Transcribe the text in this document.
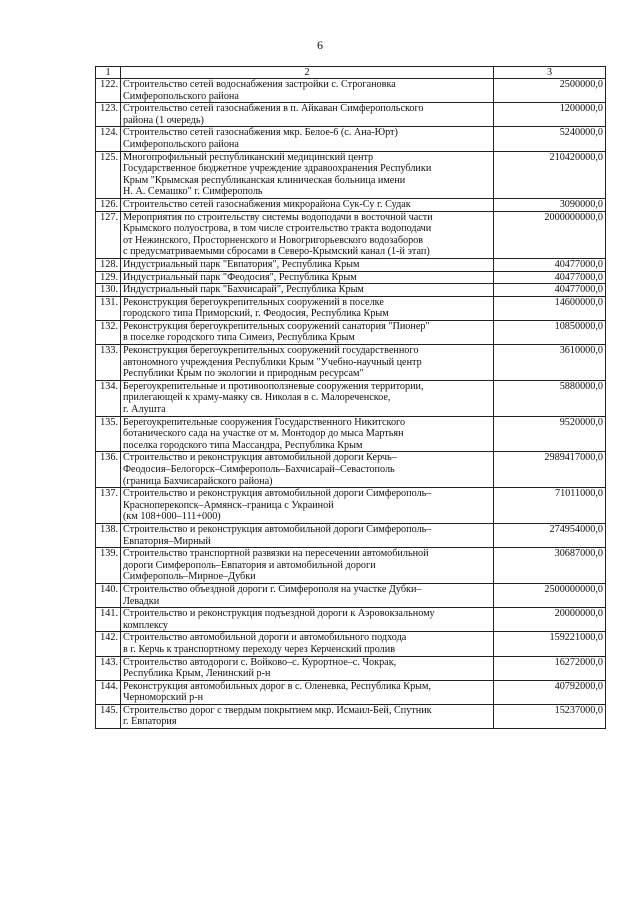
6
1	2	3
122.	Строительство сетей водоснабжения застройки с. Строгановка
Симферопольского района	2500000,0
123.	Строительство сетей газоснабжения в п. Айкаван Симферопольского
района (1 очередь)	1200000,0
124.	Строительство сетей газоснабжения мкр. Белое-6 (с. Ана-Юрт)
Симферопольского района	5240000,0
125.	Многопрофильный республиканский медицинский центр
Государственное бюджетное учреждение здравоохранения Республики
Крым "Крымская республиканская клиническая больница имени
Н. А. Семашко" г. Симферополь	210420000,0
126.	Строительство сетей газоснабжения микрорайона Сук-Су г. Судак	3090000,0
127.	Мероприятия по строительству системы водоподачи в восточной части
Крымского полуострова, в том числе строительство тракта водоподачи
от Нежинского, Просторненского и Новогригорьевского водозаборов
с предусматриваемыми сбросами в Северо-Крымский канал (1-й этап)	2000000000,0
128.	Индустриальный парк "Евпатория", Республика Крым	40477000,0
129.	Индустриальный парк "Феодосия", Республика Крым	40477000,0
130.	Индустриальный парк "Бахчисарай", Республика Крым	40477000,0
131.	Реконструкция берегоукрепительных сооружений в поселке
городского типа Приморский, г. Феодосия, Республика Крым	14600000,0
132.	Реконструкция берегоукрепительных сооружений санатория "Пионер"
в поселке городского типа Симеиз, Республика Крым	10850000,0
133.	Реконструкция берегоукрепительных сооружений государственного
автономного учреждения Республики Крым "Учебно-научный центр
Республики Крым по экологии и природным ресурсам"	3610000,0
134.	Берегоукрепительные и противооползневые сооружения территории,
прилегающей к храму-маяку св. Николая в с. Малореченское,
г. Алушта	5880000,0
135.	Берегоукрепительные сооружения Государственного Никитского
ботанического сада на участке от м. Монтодор до мыса Мартьян
поселка городского типа Массандра, Республика Крым	9520000,0
136.	Строительство и реконструкция автомобильной дороги Керчь–
Феодосия–Белогорск–Симферополь–Бахчисарай–Севастополь
(граница Бахчисарайского района)	2989417000,0
137.	Строительство и реконструкция автомобильной дороги Симферополь–
Красноперекопск–Армянск–граница с Украиной
(км 108+000–111+000)	71011000,0
138.	Строительство и реконструкция автомобильной дороги Симферополь–
Евпатория–Мирный	274954000,0
139.	Строительство транспортной развязки на пересечении автомобильной
дороги Симферополь–Евпатория и автомобильной дороги
Симферополь–Мирное–Дубки	30687000,0
140.	Строительство объездной дороги г. Симферополя на участке Дубки–
Левадки	2500000000,0
141.	Строительство и реконструкция подъездной дороги к Аэровокзальному
комплексу	20000000,0
142.	Строительство автомобильной дороги и автомобильного подхода
в г. Керчь к транспортному переходу через Керченский пролив	159221000,0
143.	Строительство автодороги с. Войково–с. Курортное–с. Чокрак,
Республика Крым, Ленинский р-н	16272000,0
144.	Реконструкция автомобильных дорог в с. Оленевка, Республика Крым,
Черноморский р-н	40792000,0
145.	Строительство дорог с твердым покрытием мкр. Исмаил-Бей, Спутник
г. Евпатория	15237000,0
